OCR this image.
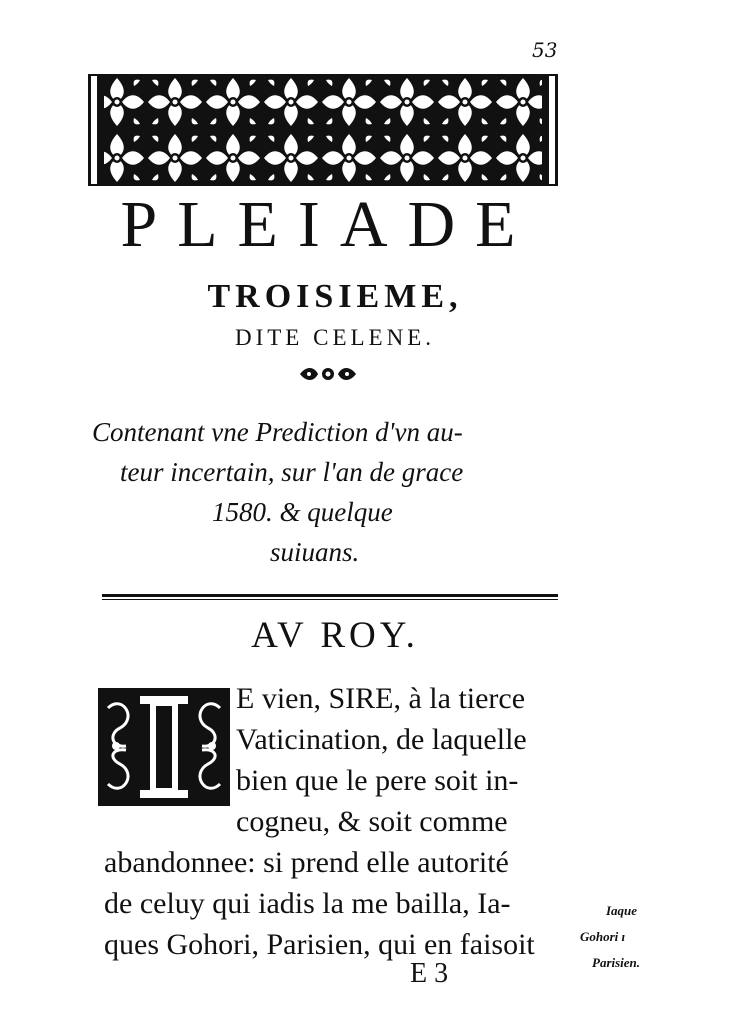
53
PLEIADE
TROISIEME,
DITE CELENE.
Contenant vne Prediction d'vn au-
teur incertain, sur l'an de grace
1580. & quelque
suiuans.
AV ROY.
E vien, SIRE, à la tierce
Vaticination, de laquelle
bien que le pere soit in-
cogneu, & soit comme
abandonnee: si prend elle autorité
de celuy qui iadis la me bailla, Ia-
ques Gohori, Parisien, qui en faisoit
E 3
Iaque
Gohori ı
Parisien.
